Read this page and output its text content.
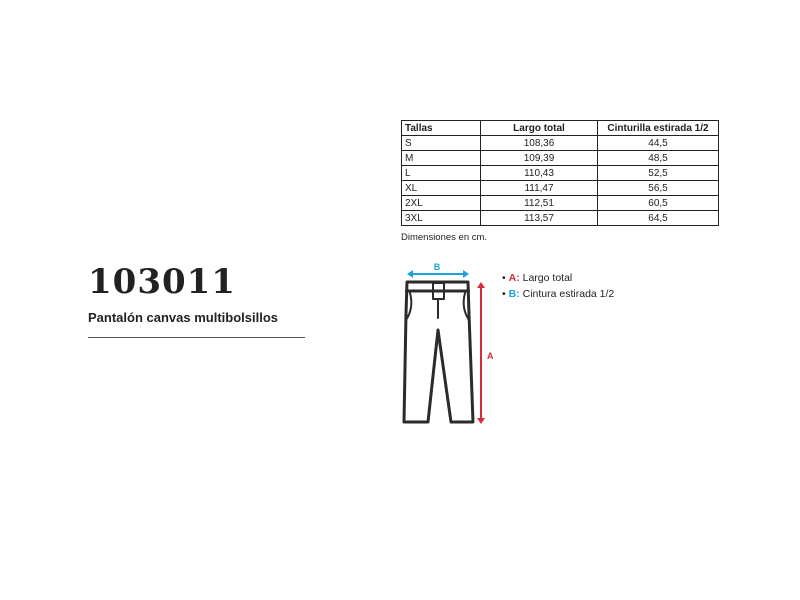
103011
Pantalón canvas multibolsillos
Tallas	Largo total	Cinturilla estirada 1/2
S	108,36	44,5
M	109,39	48,5
L	110,43	52,5
XL	111,47	56,5
2XL	112,51	60,5
3XL	113,57	64,5
Dimensiones en cm.
B
A
• A: Largo total
• B: Cintura estirada 1/2
